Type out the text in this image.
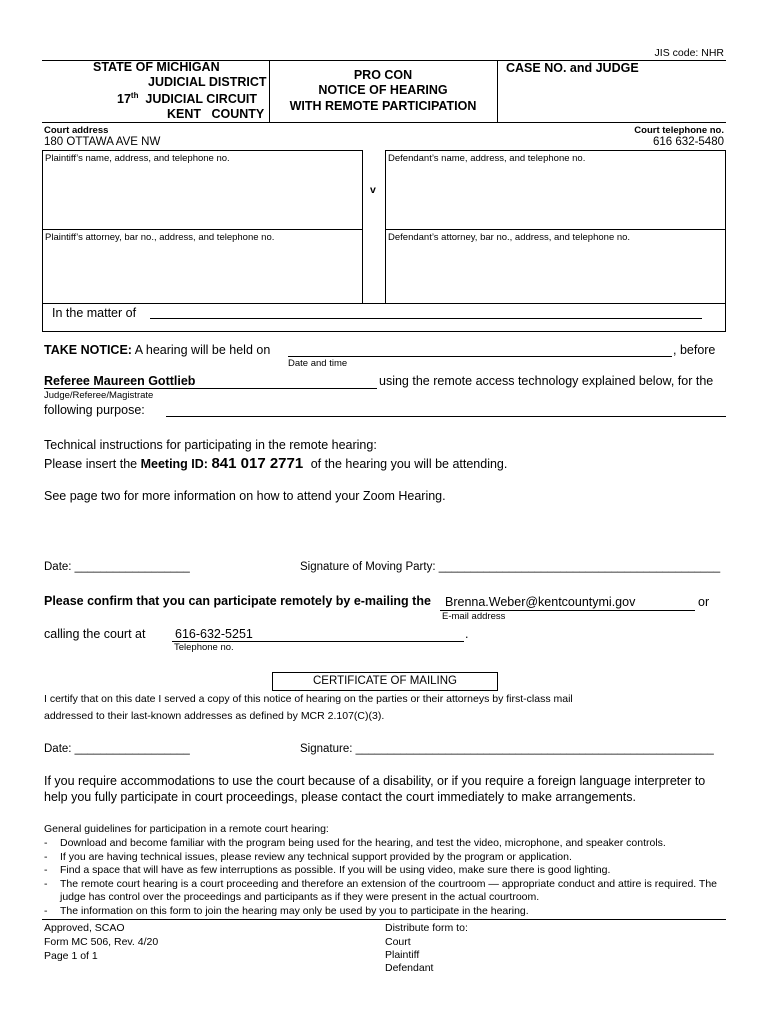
JIS code: NHR
STATE OF MICHIGAN
JUDICIAL DISTRICT
17th JUDICIAL CIRCUIT
KENT   COUNTY
PRO CON
NOTICE OF HEARING
WITH REMOTE PARTICIPATION
CASE NO. and JUDGE
Court address
180 OTTAWA AVE NW
Court telephone no.
616 632-5480
Plaintiff’s name, address, and telephone no.	Defendant’s name, address, and telephone no.
v
Plaintiff’s attorney, bar no., address, and telephone no.	Defendant’s attorney, bar no., address, and telephone no.
In the matter of
TAKE NOTICE: A hearing will be held on	, before
Date and time
Referee Maureen Gottlieb	using the remote access technology explained below, for the
Judge/Referee/Magistrate
following purpose:
Technical instructions for participating in the remote hearing:
Please insert the Meeting ID: 841 017 2771 of the hearing you will be attending.
See page two for more information on how to attend your Zoom Hearing.
Date: __________________	Signature of Moving Party: ____________________________________________
Please confirm that you can participate remotely by e-mailing the Brenna.Weber@kentcountymi.gov	or
E-mail address
calling the court at 616-632-5251	.
Telephone no.
CERTIFICATE OF MAILING
I certify that on this date I served a copy of this notice of hearing on the parties or their attorneys by first-class mail
addressed to their last-known addresses as defined by MCR 2.107(C)(3).
Date: __________________	Signature: ________________________________________________________
If you require accommodations to use the court because of a disability, or if you require a foreign language interpreter to
help you fully participate in court proceedings, please contact the court immediately to make arrangements.
General guidelines for participation in a remote court hearing:
- Download and become familiar with the program being used for the hearing, and test the video, microphone, and speaker controls.
- If you are having technical issues, please review any technical support provided by the program or application.
- Find a space that will have as few interruptions as possible. If you will be using video, make sure there is good lighting.
- The remote court hearing is a court proceeding and therefore an extension of the courtroom — appropriate conduct and attire is required. The judge has control over the proceedings and participants as if they were present in the actual courtroom.
- The information on this form to join the hearing may only be used by you to participate in the hearing.
Approved, SCAO
Form MC 506, Rev. 4/20
Page 1 of 1
Distribute form to:
Court
Plaintiff
Defendant
